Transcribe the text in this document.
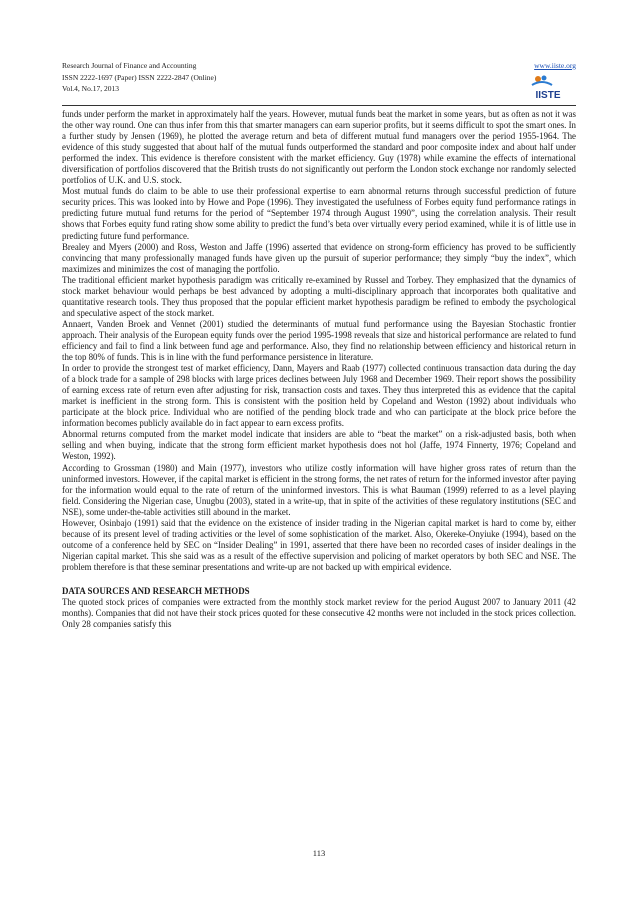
Research Journal of Finance and Accounting
ISSN 2222-1697 (Paper) ISSN 2222-2847 (Online)
Vol.4, No.17, 2013
www.iiste.org
IISTE

funds under perform the market in approximately half the years. However, mutual funds beat the market in some years, but as often as not it was the other way round. One can thus infer from this that smarter managers can earn superior profits, but it seems difficult to spot the smart ones. In a further study by Jensen (1969), he plotted the average return and beta of different mutual fund managers over the period 1955-1964. The evidence of this study suggested that about half of the mutual funds outperformed the standard and poor composite index and about half under performed the index. This evidence is therefore consistent with the market efficiency. Guy (1978) while examine the effects of international diversification of portfolios discovered that the British trusts do not significantly out perform the London stock exchange nor randomly selected portfolios of U.K. and U.S. stock.

Most mutual funds do claim to be able to use their professional expertise to earn abnormal returns through successful prediction of future security prices. This was looked into by Howe and Pope (1996). They investigated the usefulness of Forbes equity fund performance ratings in predicting future mutual fund returns for the period of “September 1974 through August 1990”, using the correlation analysis. Their result shows that Forbes equity fund rating show some ability to predict the fund’s beta over virtually every period examined, while it is of little use in predicting future fund performance.

Brealey and Myers (2000) and Ross, Weston and Jaffe (1996) asserted that evidence on strong-form efficiency has proved to be sufficiently convincing that many professionally managed funds have given up the pursuit of superior performance; they simply “buy the index”, which maximizes and minimizes the cost of managing the portfolio.

The traditional efficient market hypothesis paradigm was critically re-examined by Russel and Torbey. They emphasized that the dynamics of stock market behaviour would perhaps be best advanced by adopting a multi-disciplinary approach that incorporates both qualitative and quantitative research tools. They thus proposed that the popular efficient market hypothesis paradigm be refined to embody the psychological and speculative aspect of the stock market.

Annaert, Vanden Broek and Vennet (2001) studied the determinants of mutual fund performance using the Bayesian Stochastic frontier approach. Their analysis of the European equity funds over the period 1995-1998 reveals that size and historical performance are related to fund efficiency and fail to find a link between fund age and performance. Also, they find no relationship between efficiency and historical return in the top 80% of funds. This is in line with the fund performance persistence in literature.

In order to provide the strongest test of market efficiency, Dann, Mayers and Raab (1977) collected continuous transaction data during the day of a block trade for a sample of 298 blocks with large prices declines between July 1968 and December 1969. Their report shows the possibility of earning excess rate of return even after adjusting for risk, transaction costs and taxes. They thus interpreted this as evidence that the capital market is inefficient in the strong form. This is consistent with the position held by Copeland and Weston (1992) about individuals who participate at the block price. Individual who are notified of the pending block trade and who can participate at the block price before the information becomes publicly available do in fact appear to earn excess profits.

Abnormal returns computed from the market model indicate that insiders are able to “beat the market” on a risk-adjusted basis, both when selling and when buying, indicate that the strong form efficient market hypothesis does not hol (Jaffe, 1974 Finnerty, 1976; Copeland and Weston, 1992).

According to Grossman (1980) and Main (1977), investors who utilize costly information will have higher gross rates of return than the uninformed investors. However, if the capital market is efficient in the strong forms, the net rates of return for the informed investor after paying for the information would equal to the rate of return of the uninformed investors. This is what Bauman (1999) referred to as a level playing field. Considering the Nigerian case, Unugbu (2003), stated in a write-up, that in spite of the activities of these regulatory institutions (SEC and NSE), some under-the-table activities still abound in the market.

However, Osinbajo (1991) said that the evidence on the existence of insider trading in the Nigerian capital market is hard to come by, either because of its present level of trading activities or the level of some sophistication of the market. Also, Okereke-Onyiuke (1994), based on the outcome of a conference held by SEC on “Insider Dealing” in 1991, asserted that there have been no recorded cases of insider dealings in the Nigerian capital market. This she said was as a result of the effective supervision and policing of market operators by both SEC and NSE. The problem therefore is that these seminar presentations and write-up are not backed up with empirical evidence.

DATA SOURCES AND RESEARCH METHODS

The quoted stock prices of companies were extracted from the monthly stock market review for the period August 2007 to January 2011 (42 months). Companies that did not have their stock prices quoted for these consecutive 42 months were not included in the stock prices collection. Only 28 companies satisfy this

113
